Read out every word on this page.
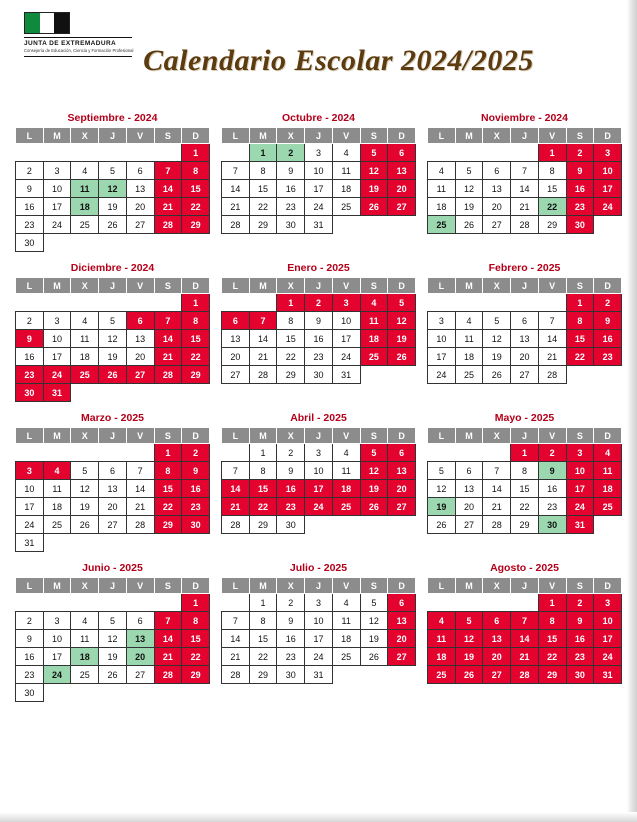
JUNTA DE EXTREMADURA
Consejería de Educación, Ciencia y Formación Profesional Calendario Escolar 2024/2025
Septiembre - 2024
L	M	X	J	V	S	D
						1
2	3	4	5	6	7	8
9	10	11	12	13	14	15
16	17	18	19	20	21	22
23	24	25	26	27	28	29
30						
Octubre - 2024
L	M	X	J	V	S	D
	1	2	3	4	5	6
7	8	9	10	11	12	13
14	15	16	17	18	19	20
21	22	23	24	25	26	27
28	29	30	31			
Noviembre - 2024
L	M	X	J	V	S	D
				1	2	3
4	5	6	7	8	9	10
11	12	13	14	15	16	17
18	19	20	21	22	23	24
25	26	27	28	29	30	
Diciembre - 2024
L	M	X	J	V	S	D
						1
2	3	4	5	6	7	8
9	10	11	12	13	14	15
16	17	18	19	20	21	22
23	24	25	26	27	28	29
30	31					
Enero - 2025
L	M	X	J	V	S	D
		1	2	3	4	5
6	7	8	9	10	11	12
13	14	15	16	17	18	19
20	21	22	23	24	25	26
27	28	29	30	31		
Febrero - 2025
L	M	X	J	V	S	D
					1	2
3	4	5	6	7	8	9
10	11	12	13	14	15	16
17	18	19	20	21	22	23
24	25	26	27	28		
Marzo - 2025
L	M	X	J	V	S	D
					1	2
3	4	5	6	7	8	9
10	11	12	13	14	15	16
17	18	19	20	21	22	23
24	25	26	27	28	29	30
31						
Abril - 2025
L	M	X	J	V	S	D
	1	2	3	4	5	6
7	8	9	10	11	12	13
14	15	16	17	18	19	20
21	22	23	24	25	26	27
28	29	30				
Mayo - 2025
L	M	X	J	V	S	D
			1	2	3	4
5	6	7	8	9	10	11
12	13	14	15	16	17	18
19	20	21	22	23	24	25
26	27	28	29	30	31	
Junio - 2025
L	M	X	J	V	S	D
						1
2	3	4	5	6	7	8
9	10	11	12	13	14	15
16	17	18	19	20	21	22
23	24	25	26	27	28	29
30						
Julio - 2025
L	M	X	J	V	S	D
	1	2	3	4	5	6
7	8	9	10	11	12	13
14	15	16	17	18	19	20
21	22	23	24	25	26	27
28	29	30	31			
Agosto - 2025
L	M	X	J	V	S	D
				1	2	3
4	5	6	7	8	9	10
11	12	13	14	15	16	17
18	19	20	21	22	23	24
25	26	27	28	29	30	31
